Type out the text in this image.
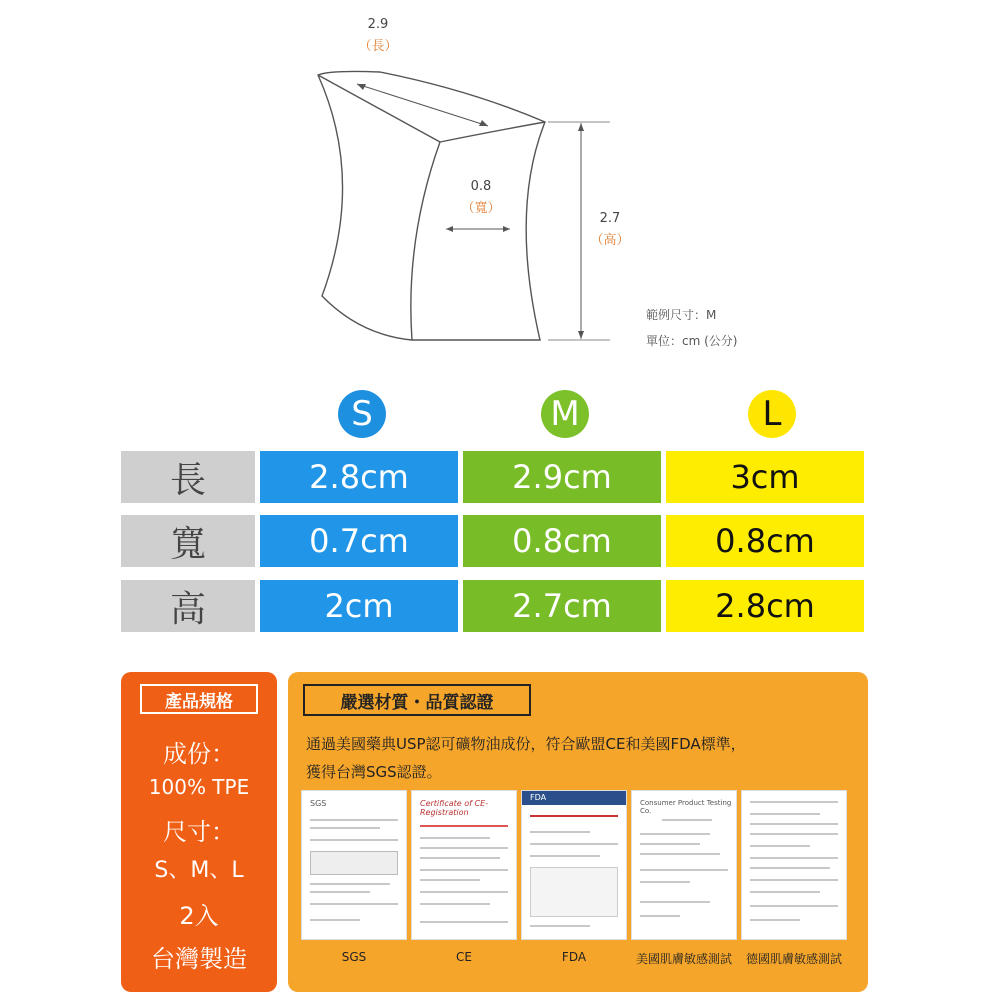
2.9
（長）
0.8
（寬）
2.7
（高）
範例尺寸：M
單位：cm (公分)
S	M	L
長	2.8cm	2.9cm	3cm
寬	0.7cm	0.8cm	0.8cm
高	2cm	2.7cm	2.8cm
產品規格
成份：
100% TPE
尺寸：
S、M、L
2入
台灣製造
嚴選材質・品質認證
通過美國藥典USP認可礦物油成份，符合歐盟CE和美國FDA標準，
獲得台灣SGS認證。
SGS	Certificate of CE-Registration
FDA
Consumer Product Testing Co.
SGS	CE	FDA	美國肌膚敏感測試	德國肌膚敏感測試
